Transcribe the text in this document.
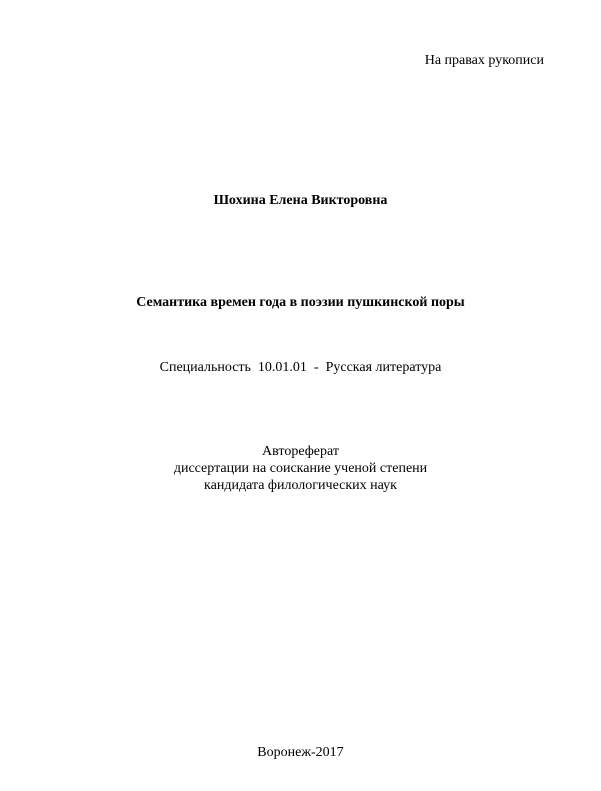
На правах рукописи
Шохина Елена Викторовна
Семантика времен года в поэзии пушкинской поры
Специальность 10.01.01 - Русская литература
Автореферат
диссертации на соискание ученой степени
кандидата филологических наук
Воронеж-2017
